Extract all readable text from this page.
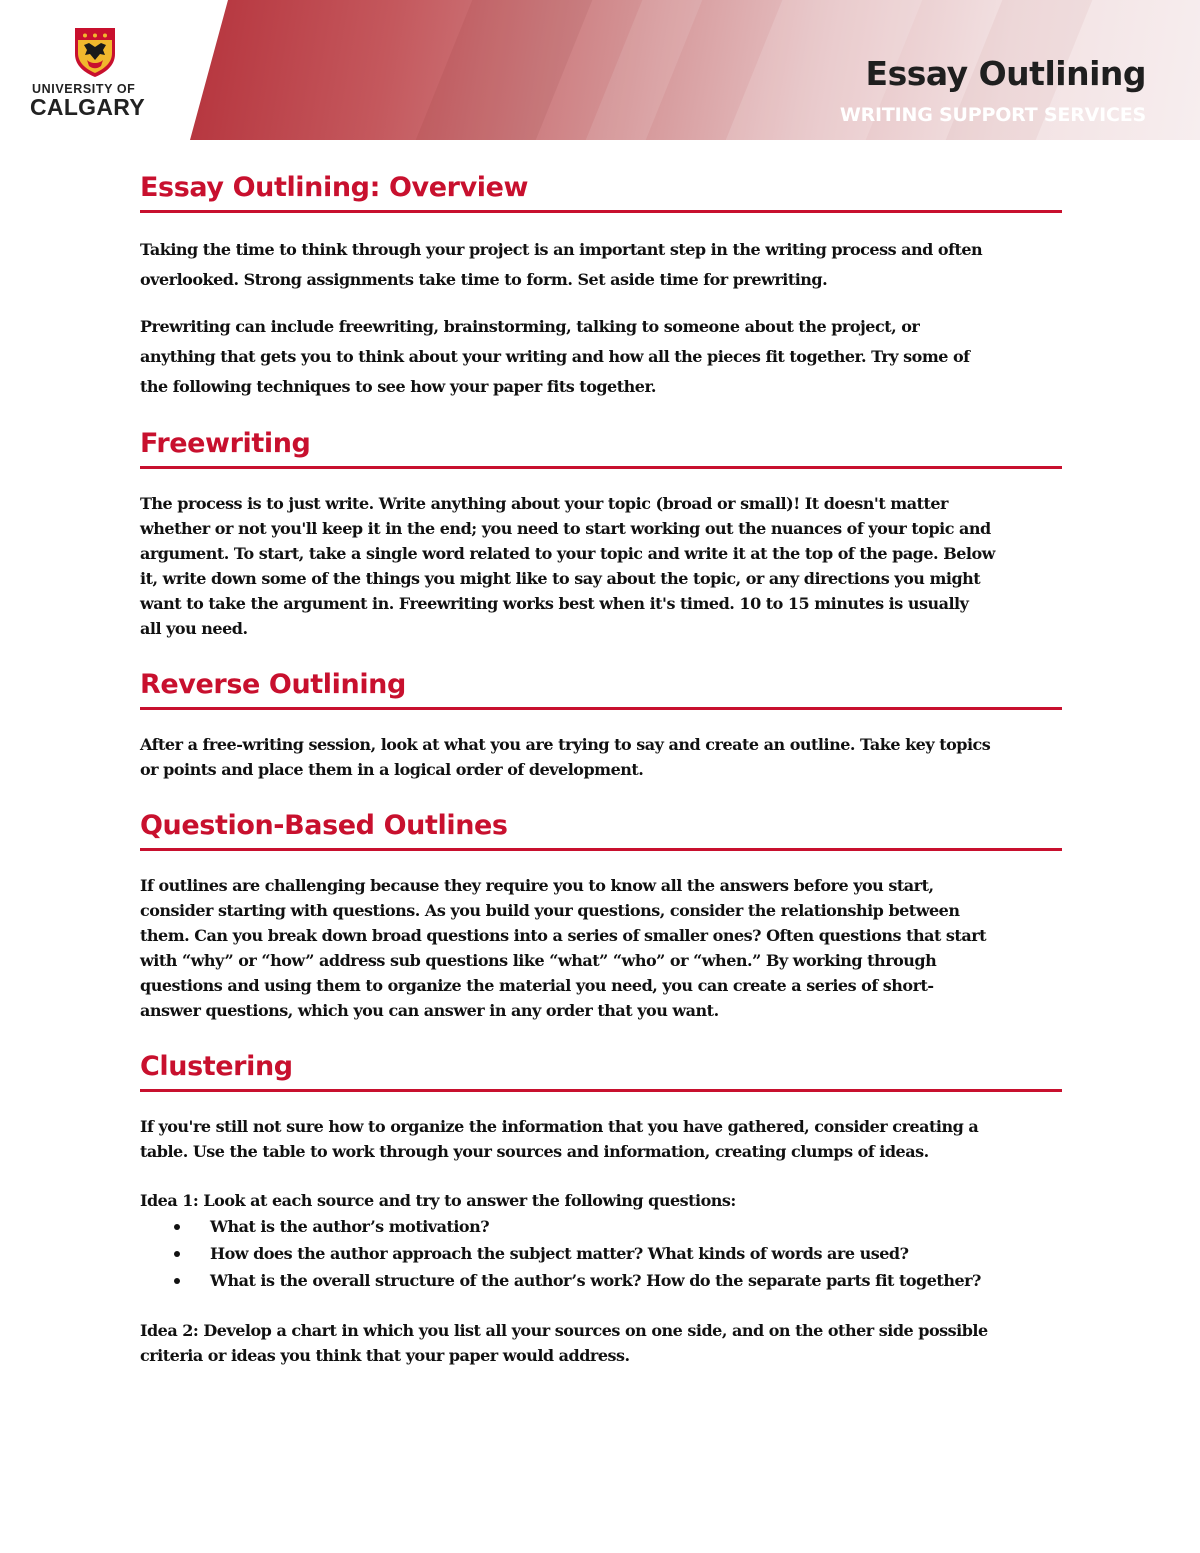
UNIVERSITY OF
CALGARY
Essay Outlining
WRITING SUPPORT SERVICES
Essay Outlining: Overview

Taking the time to think through your project is an important step in the writing process and often
overlooked. Strong assignments take time to form. Set aside time for prewriting.

Prewriting can include freewriting, brainstorming, talking to someone about the project, or
anything that gets you to think about your writing and how all the pieces fit together. Try some of
the following techniques to see how your paper fits together.

Freewriting

The process is to just write. Write anything about your topic (broad or small)! It doesn't matter
whether or not you'll keep it in the end; you need to start working out the nuances of your topic and
argument. To start, take a single word related to your topic and write it at the top of the page. Below
it, write down some of the things you might like to say about the topic, or any directions you might
want to take the argument in. Freewriting works best when it's timed. 10 to 15 minutes is usually
all you need.

Reverse Outlining

After a free-writing session, look at what you are trying to say and create an outline. Take key topics
or points and place them in a logical order of development.

Question-Based Outlines

If outlines are challenging because they require you to know all the answers before you start,
consider starting with questions. As you build your questions, consider the relationship between
them. Can you break down broad questions into a series of smaller ones? Often questions that start
with “why” or “how” address sub questions like “what” “who” or “when.” By working through
questions and using them to organize the material you need, you can create a series of short-
answer questions, which you can answer in any order that you want.

Clustering

If you're still not sure how to organize the information that you have gathered, consider creating a
table. Use the table to work through your sources and information, creating clumps of ideas.

Idea 1: Look at each source and try to answer the following questions:

What is the author’s motivation?
How does the author approach the subject matter? What kinds of words are used?
What is the overall structure of the author’s work? How do the separate parts fit together?

Idea 2: Develop a chart in which you list all your sources on one side, and on the other side possible
criteria or ideas you think that your paper would address.
